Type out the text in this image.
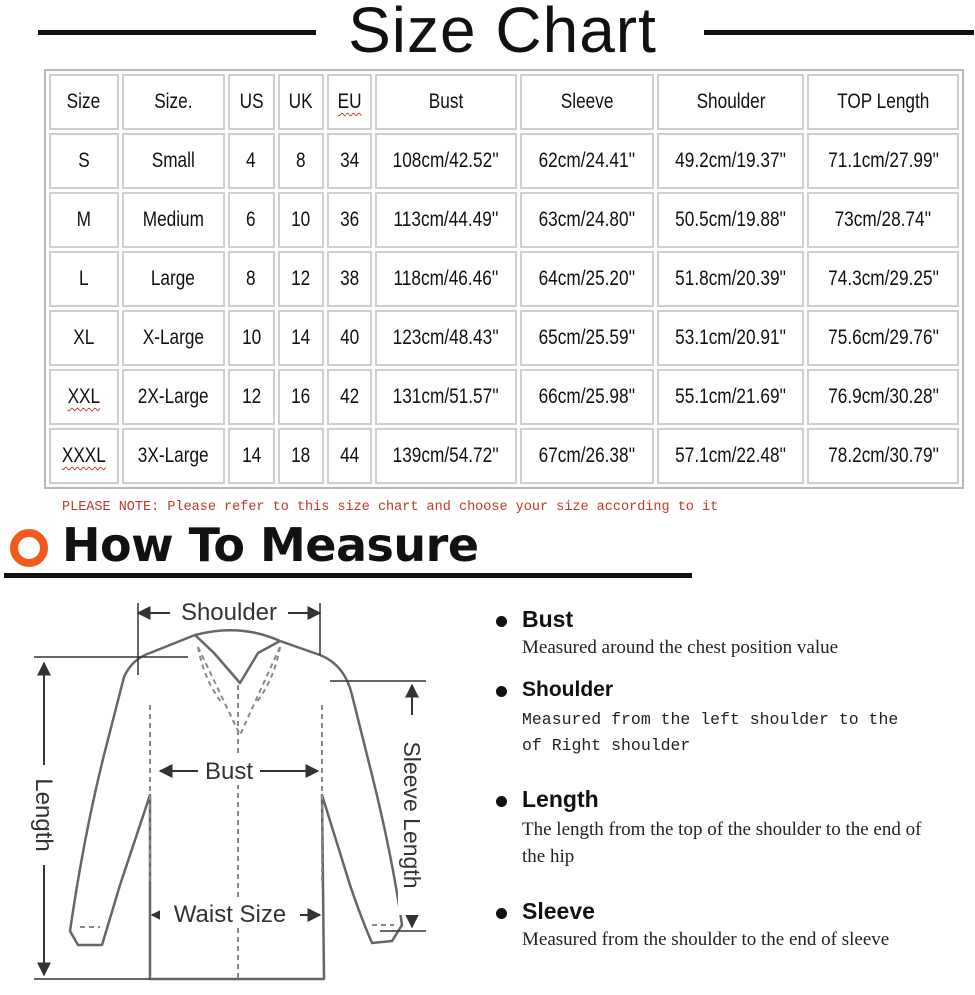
Size Chart
Size	Size.	US	UK	EU	Bust	Sleeve	Shoulder	TOP Length
S	Small	4	8	34	108cm/42.52''	62cm/24.41''	49.2cm/19.37''	71.1cm/27.99''
M	Medium	6	10	36	113cm/44.49''	63cm/24.80''	50.5cm/19.88''	73cm/28.74''
L	Large	8	12	38	118cm/46.46''	64cm/25.20''	51.8cm/20.39''	74.3cm/29.25''
XL	X-Large	10	14	40	123cm/48.43''	65cm/25.59''	53.1cm/20.91''	75.6cm/29.76''
XXL	2X-Large	12	16	42	131cm/51.57''	66cm/25.98''	55.1cm/21.69''	76.9cm/30.28''
XXXL	3X-Large	14	18	44	139cm/54.72''	67cm/26.38''	57.1cm/22.48''	78.2cm/30.79''
PLEASE NOTE: Please refer to this size chart and choose your size according to it
How To Measure
Shoulder
Length
Bust
Waist Size
Sleeve Length
Bust
Measured around the chest position value
Shoulder
Measured from the left shoulder to the of Right shoulder
Length
The length from the top of the shoulder to the end of the hip
Sleeve
Measured from the shoulder to the end of sleeve
